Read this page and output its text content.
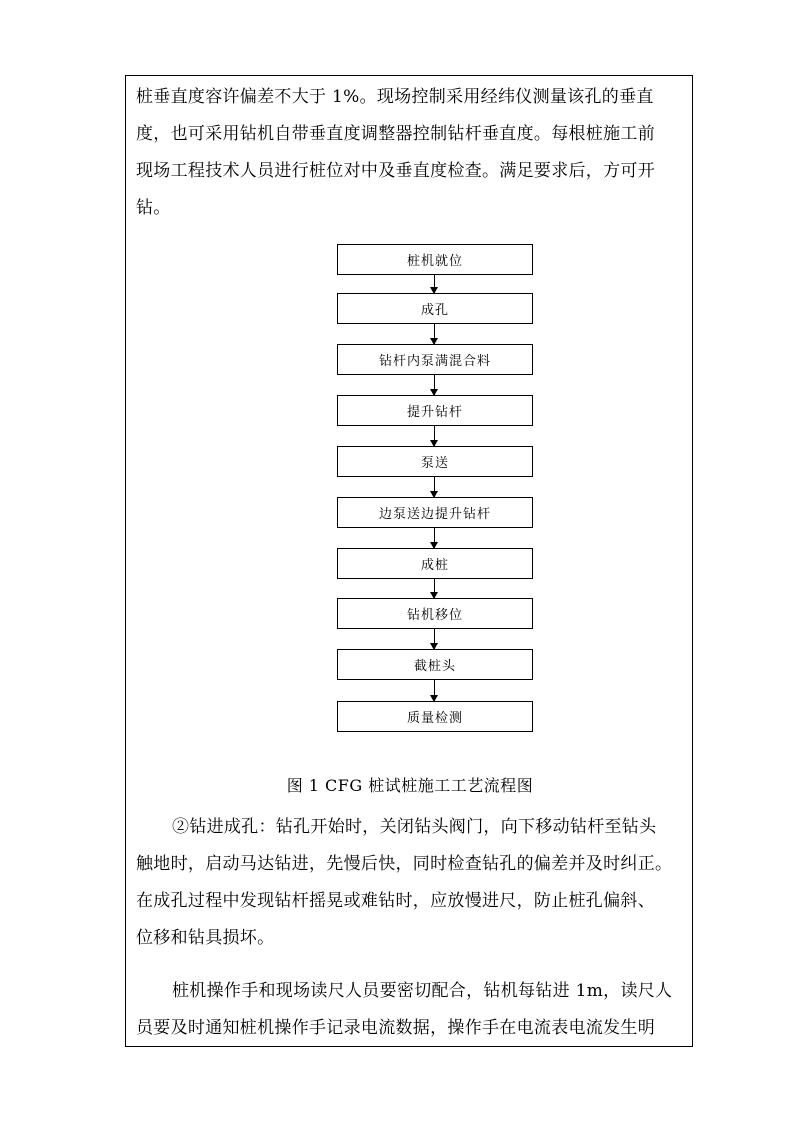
桩垂直度容许偏差不大于 1%。现场控制采用经纬仪测量该孔的垂直
度，也可采用钻机自带垂直度调整器控制钻杆垂直度。每根桩施工前
现场工程技术人员进行桩位对中及垂直度检查。满足要求后，方可开
钻。
桩机就位
成孔
钻杆内泵满混合料
提升钻杆
泵送
边泵送边提升钻杆
成桩
钻机移位
截桩头
质量检测
图 1 CFG 桩试桩施工工艺流程图
②钻进成孔：钻孔开始时，关闭钻头阀门，向下移动钻杆至钻头
触地时，启动马达钻进，先慢后快，同时检查钻孔的偏差并及时纠正。
在成孔过程中发现钻杆摇晃或难钻时，应放慢进尺，防止桩孔偏斜、
位移和钻具损坏。
桩机操作手和现场读尺人员要密切配合，钻机每钻进 1m，读尺人
员要及时通知桩机操作手记录电流数据，操作手在电流表电流发生明
